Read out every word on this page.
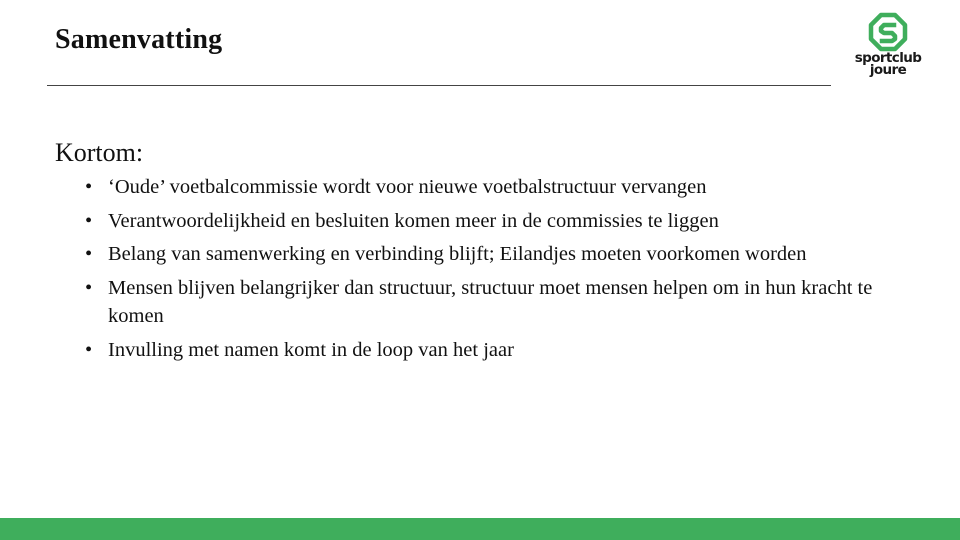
Samenvatting
sportclub
joure
Kortom:
• ‘Oude’ voetbalcommissie wordt voor nieuwe voetbalstructuur vervangen
• Verantwoordelijkheid en besluiten komen meer in de commissies te liggen
• Belang van samenwerking en verbinding blijft; Eilandjes moeten voorkomen worden
• Mensen blijven belangrijker dan structuur, structuur moet mensen helpen om in hun kracht te komen
• Invulling met namen komt in de loop van het jaar
